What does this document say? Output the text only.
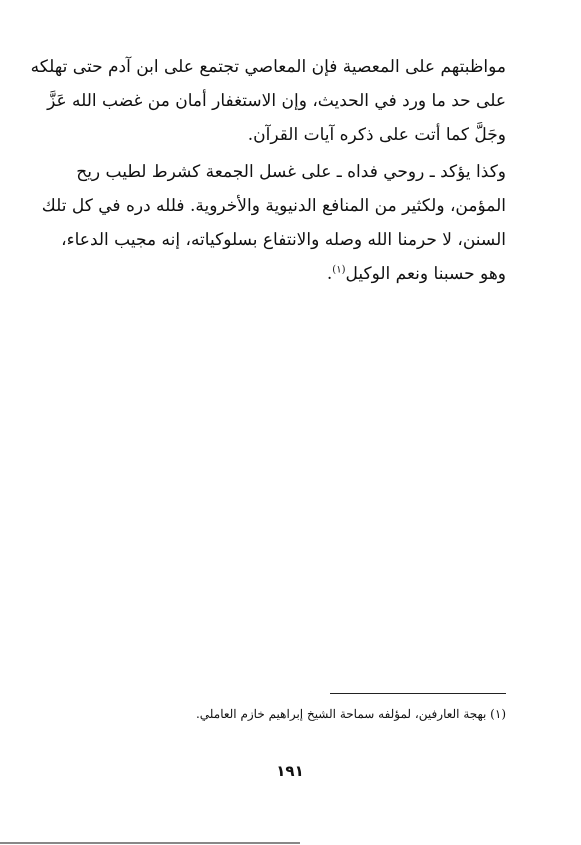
مواظبتهم على المعصية فإن المعاصي تجتمع على ابن آدم حتى تهلكه
على حد ما ورد في الحديث، وإن الاستغفار أمان من غضب الله عَزَّ
وجَلَّ كما أتت على ذكره آيات القرآن.

وكذا يؤكد ـ روحي فداه ـ على غسل الجمعة كشرط لطيب ريح
المؤمن، ولكثير من المنافع الدنيوية والأخروية. فلله دره في كل تلك
السنن، لا حرمنا الله وصله والانتفاع بسلوكياته، إنه مجيب الدعاء،
وهو حسبنا ونعم الوكيل$^{(١)}$.

(١) بهجة العارفين، لمؤلفه سماحة الشيخ إبراهيم خازم العاملي.
١٩١
